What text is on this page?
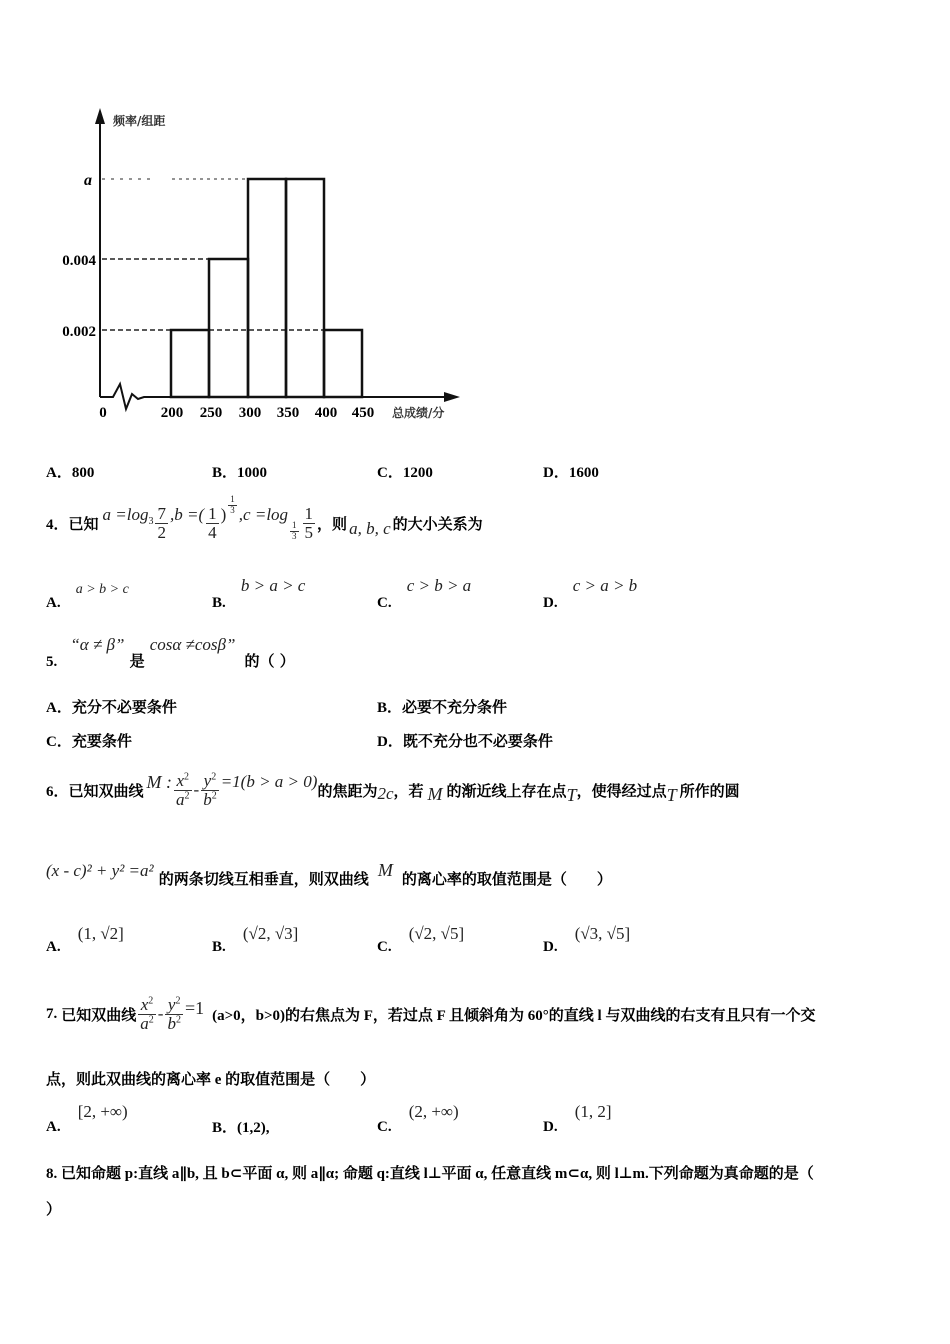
a
0.004
0.002
频率/组距
0	200 250 300 350 400 450 总成绩/分
A．800	B．1000	C．1200	D．1600
4． 已知 a =log $3 \frac{7}{2} ,b$ =( $\frac{1}{4}$ ) $\frac{1}{3} ,c =\log$
$\frac{1}{3} \frac{1}{5}$ ，则 a, b, c 的大小关系为
A. a > b > c
B. b > a > c
C. c > b > a
D. c > a > b
5. “α ≠ β” 是 cosα ≠cosβ” 的（ ）
A．充分不必要条件	B．必要不充分条件
C．充要条件	D．既不充分也不必要条件
6． 已知双曲线 M : $\frac{x^2}{a^2} - \frac{y^2}{b^2} =1(b > a > 0)$ 的焦距为 2c ，若 M 的渐近线上存在点 T ，使得经过点 T 所作的圆
(x - c)² + y² =a² 的两条切线互相垂直，则双曲线 M 的离心率的取值范围是（　　）
A. (1, √2]
B. (√2, √3]
C. (√2, √5]
D. (√3, √5]
7. 已知双曲线 $\frac{x^2}{a^2} - \frac{y^2}{b^2} =1$ (a>0，b>0)的右焦点为 F，若过点 F 且倾斜角为 60°的直线 l 与双曲线的右支有且只有一个交
点，则此双曲线的离心率 e 的取值范围是（　　）
A. [2, +∞)
B．(1,2),	C. (2, +∞)
D. (1, 2]
8. 已知命题 p:直线 a∥b, 且 b⊂平面 α, 则 a∥α; 命题 q:直线 l⊥平面 α, 任意直线 m⊂α, 则 l⊥m.下列命题为真命题的是（
）
